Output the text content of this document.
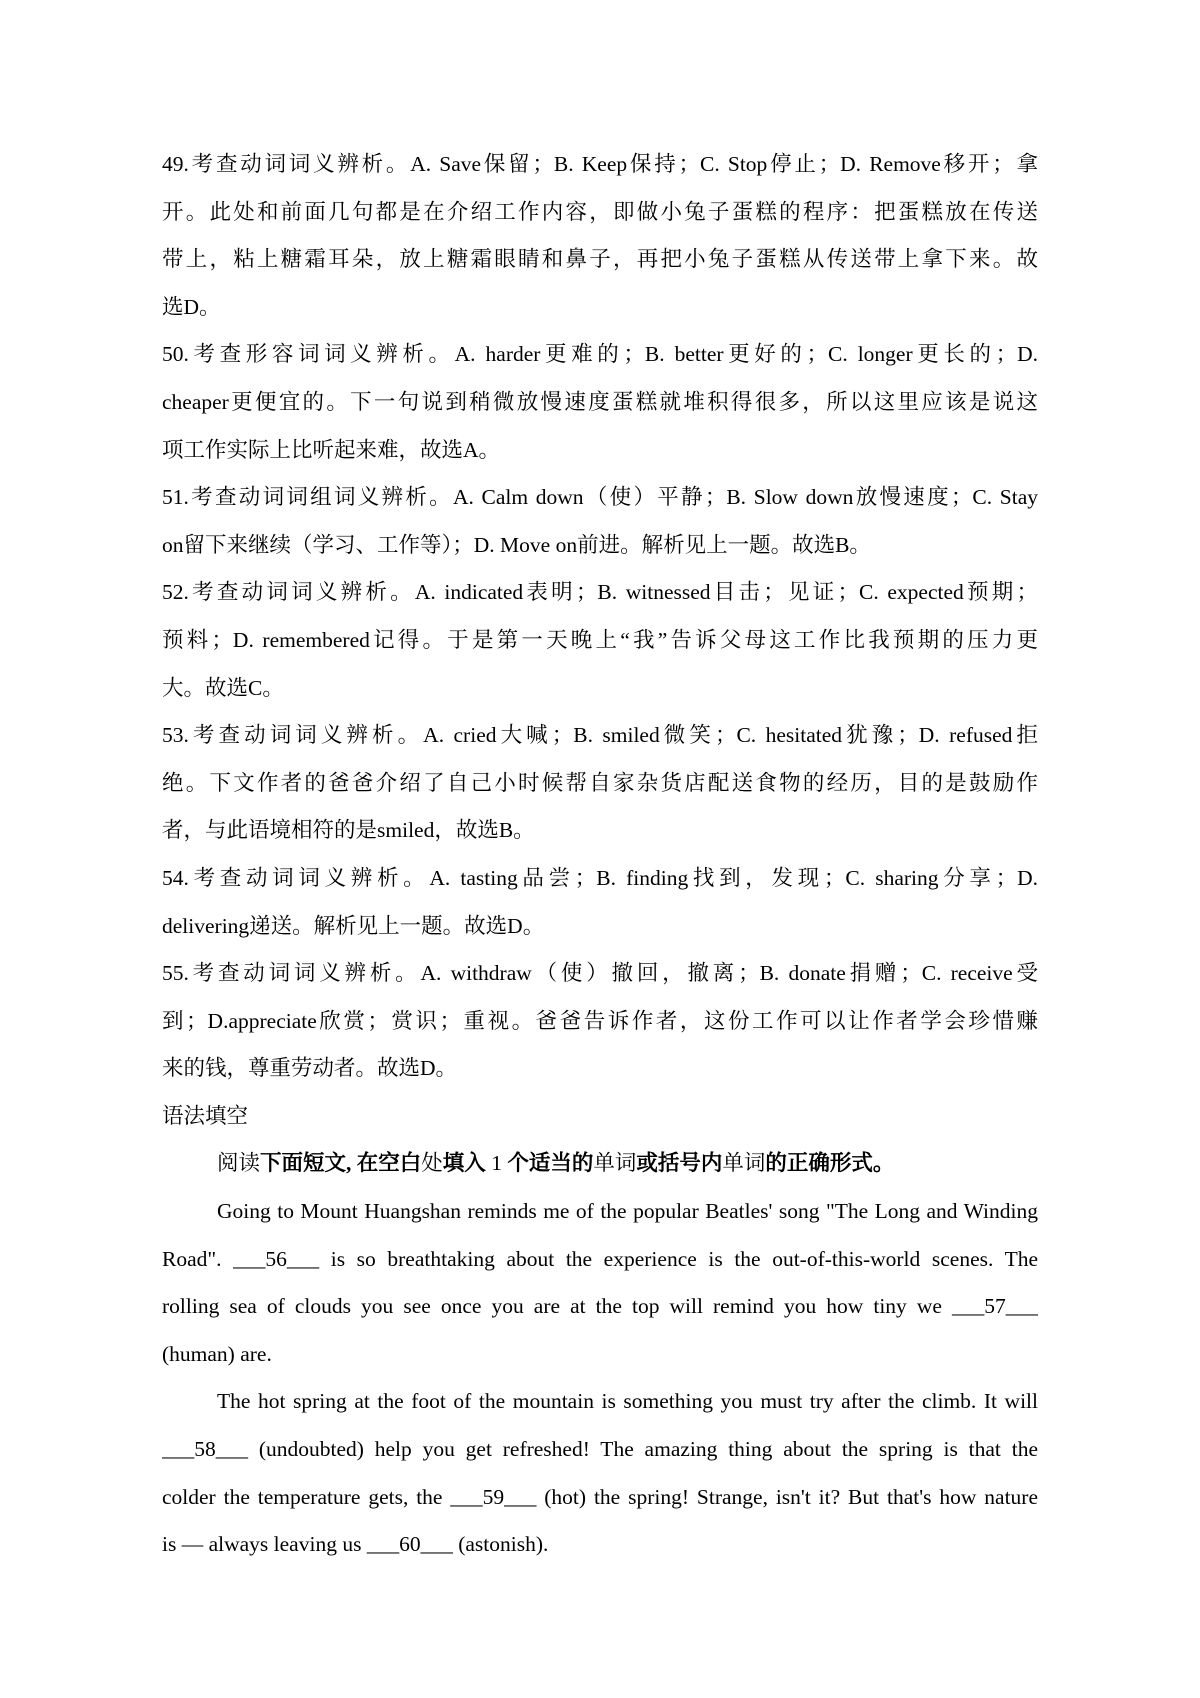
49.考查动词词义辨析。A. Save保留；B. Keep保持；C. Stop停止；D. Remove移开；拿
开。此处和前面几句都是在介绍工作内容，即做小兔子蛋糕的程序：把蛋糕放在传送
带上，粘上糖霜耳朵，放上糖霜眼睛和鼻子，再把小兔子蛋糕从传送带上拿下来。故
选D。
50.考查形容词词义辨析。A. harder更难的；B. better更好的；C. longer更长的；D.
cheaper更便宜的。下一句说到稍微放慢速度蛋糕就堆积得很多，所以这里应该是说这
项工作实际上比听起来难，故选A。
51.考查动词词组词义辨析。A. Calm down（使）平静；B. Slow down放慢速度；C. Stay
on留下来继续（学习、工作等）；D. Move on前进。解析见上一题。故选B。
52.考查动词词义辨析。A. indicated表明；B. witnessed目击；见证；C. expected预期；
预料；D. remembered记得。于是第一天晚上“我”告诉父母这工作比我预期的压力更
大。故选C。
53.考查动词词义辨析。A. cried大喊；B. smiled微笑；C. hesitated犹豫；D. refused拒
绝。下文作者的爸爸介绍了自己小时候帮自家杂货店配送食物的经历，目的是鼓励作
者，与此语境相符的是smiled，故选B。
54.考查动词词义辨析。A. tasting品尝；B. finding找到，发现；C. sharing分享；D.
delivering递送。解析见上一题。故选D。
55.考查动词词义辨析。A. withdraw（使）撤回，撤离；B. donate捐赠；C. receive受
到；D.appreciate欣赏；赏识；重视。爸爸告诉作者，这份工作可以让作者学会珍惜赚
来的钱，尊重劳动者。故选D。
语法填空
阅读下面短文, 在空白处填入 1 个适当的单词或括号内单词的正确形式。
Going to Mount Huangshan reminds me of the popular Beatles' song "The Long and Winding
Road". ___56___ is so breathtaking about the experience is the out-of-this-world scenes. The
rolling sea of clouds you see once you are at the top will remind you how tiny we ___57___
(human) are.
The hot spring at the foot of the mountain is something you must try after the climb. It will
___58___ (undoubted) help you get refreshed! The amazing thing about the spring is that the
colder the temperature gets, the ___59___ (hot) the spring! Strange, isn't it? But that's how nature
is — always leaving us ___60___ (astonish).
